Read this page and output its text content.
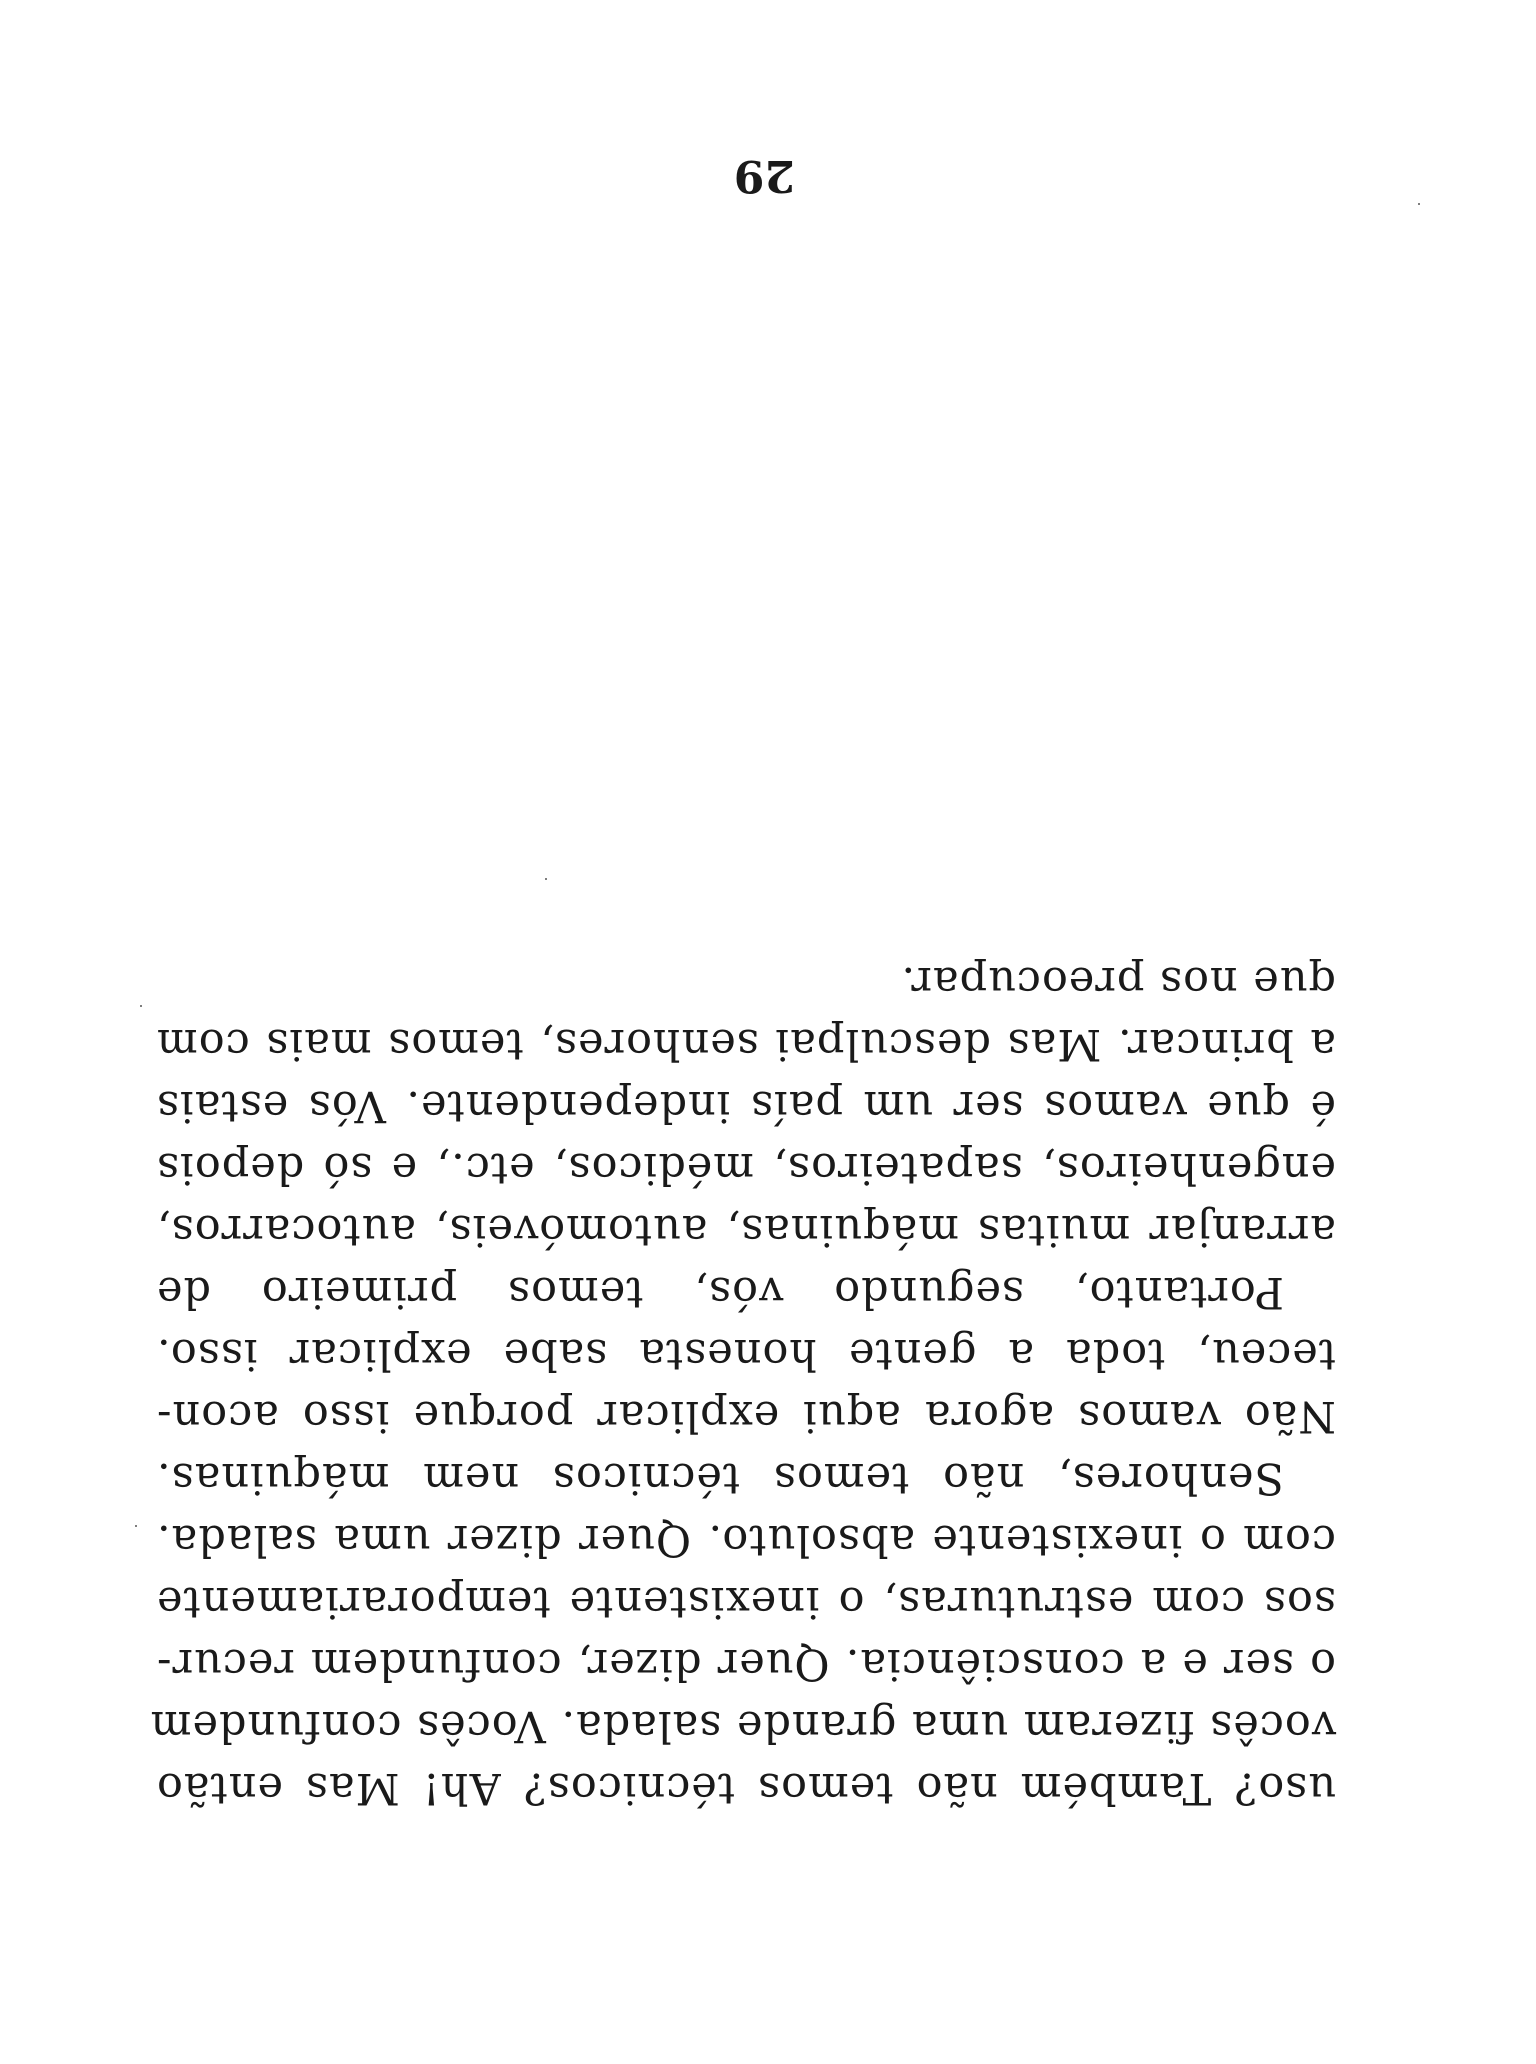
uso? Também não temos técnicos? Ah! Mas então
vocês fizeram uma grande salada. Vocês confundem
o ser e a consciência. Quer dizer, confundem recur-
sos com estruturas, o inexistente temporariamente
com o inexistente absoluto. Quer dizer uma salada.
Senhores, não temos técnicos nem máquinas.
Não vamos agora aqui explicar porque isso acon-
teceu, toda a gente honesta sabe explicar isso.
Portanto, segundo vós, temos primeiro de
arranjar muitas máquinas, automóveis, autocarros,
engenheiros, sapateiros, médicos, etc., e só depois
é que vamos ser um país independente. Vós estais
a brincar. Mas desculpai senhores, temos mais com
que nos preocupar.
29
